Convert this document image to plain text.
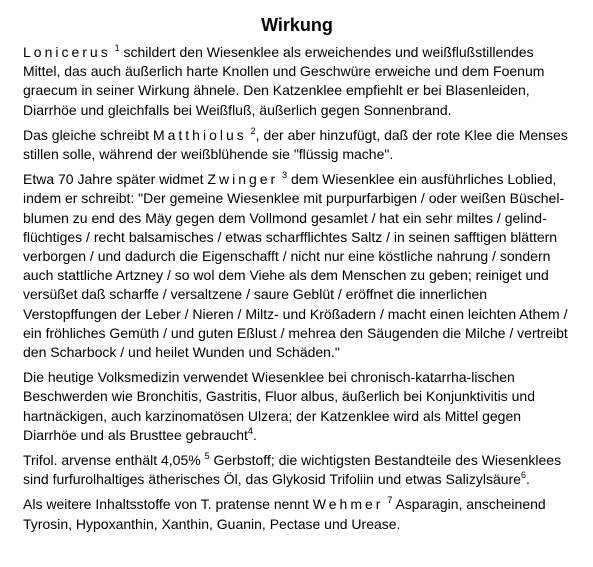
Wirkung

Lonicerus $^1$ schildert den Wiesenklee als erweichendes und weißflußstillendes Mittel, das auch äußerlich harte Knollen und Geschwüre erweiche und dem Foenum graecum in seiner Wirkung ähnele. Den Katzenklee empfiehlt er bei Blasenleiden, Diarrhöe und gleichfalls bei Weißfluß, äußerlich gegen Sonnenbrand.

Das gleiche schreibt Matthiolus $^2$, der aber hinzufügt, daß der rote Klee die Menses stillen solle, während der weißblühende sie "flüssig mache".

Etwa 70 Jahre später widmet Zwinger $^3$ dem Wiesenklee ein ausführliches Loblied, indem er schreibt: "Der gemeine Wiesenklee mit purpurfarbigen / oder weißen Büschel-blumen zu end des Mäy gegen dem Vollmond gesamlet / hat ein sehr miltes / gelind-flüchtiges / recht balsamisches / etwas scharfflichtes Saltz / in seinen safftigen blättern verborgen / und dadurch die Eigenschafft / nicht nur eine köstliche nahrung / sondern auch stattliche Artzney / so wol dem Viehe als dem Menschen zu geben; reiniget und versüßet daß scharffe / versaltzene / saure Geblüt / eröffnet die innerlichen Verstopffungen der Leber / Nieren / Miltz- und Krößadern / macht einen leichten Athem / ein fröhliches Gemüth / und guten Eßlust / mehrea den Säugenden die Milche / vertreibt den Scharbock / und heilet Wunden und Schäden."

Die heutige Volksmedizin verwendet Wiesenklee bei chronisch-katarrha-lischen Beschwerden wie Bronchitis, Gastritis, Fluor albus, äußerlich bei Konjunktivitis und hartnäckigen, auch karzinomatösen Ulzera; der Katzenklee wird als Mittel gegen Diarrhöe und als Brusttee gebraucht$^4$.

Trifol. arvense enthält 4,05% $^5$ Gerbstoff; die wichtigsten Bestandteile des Wiesenklees sind furfurolhaltiges ätherisches Öl, das Glykosid Trifoliin und etwas Salizylsäure$^6$.

Als weitere Inhaltsstoffe von T. pratense nennt Wehmer $^7$ Asparagin, anscheinend Tyrosin, Hypoxanthin, Xanthin, Guanin, Pectase und Urease.
